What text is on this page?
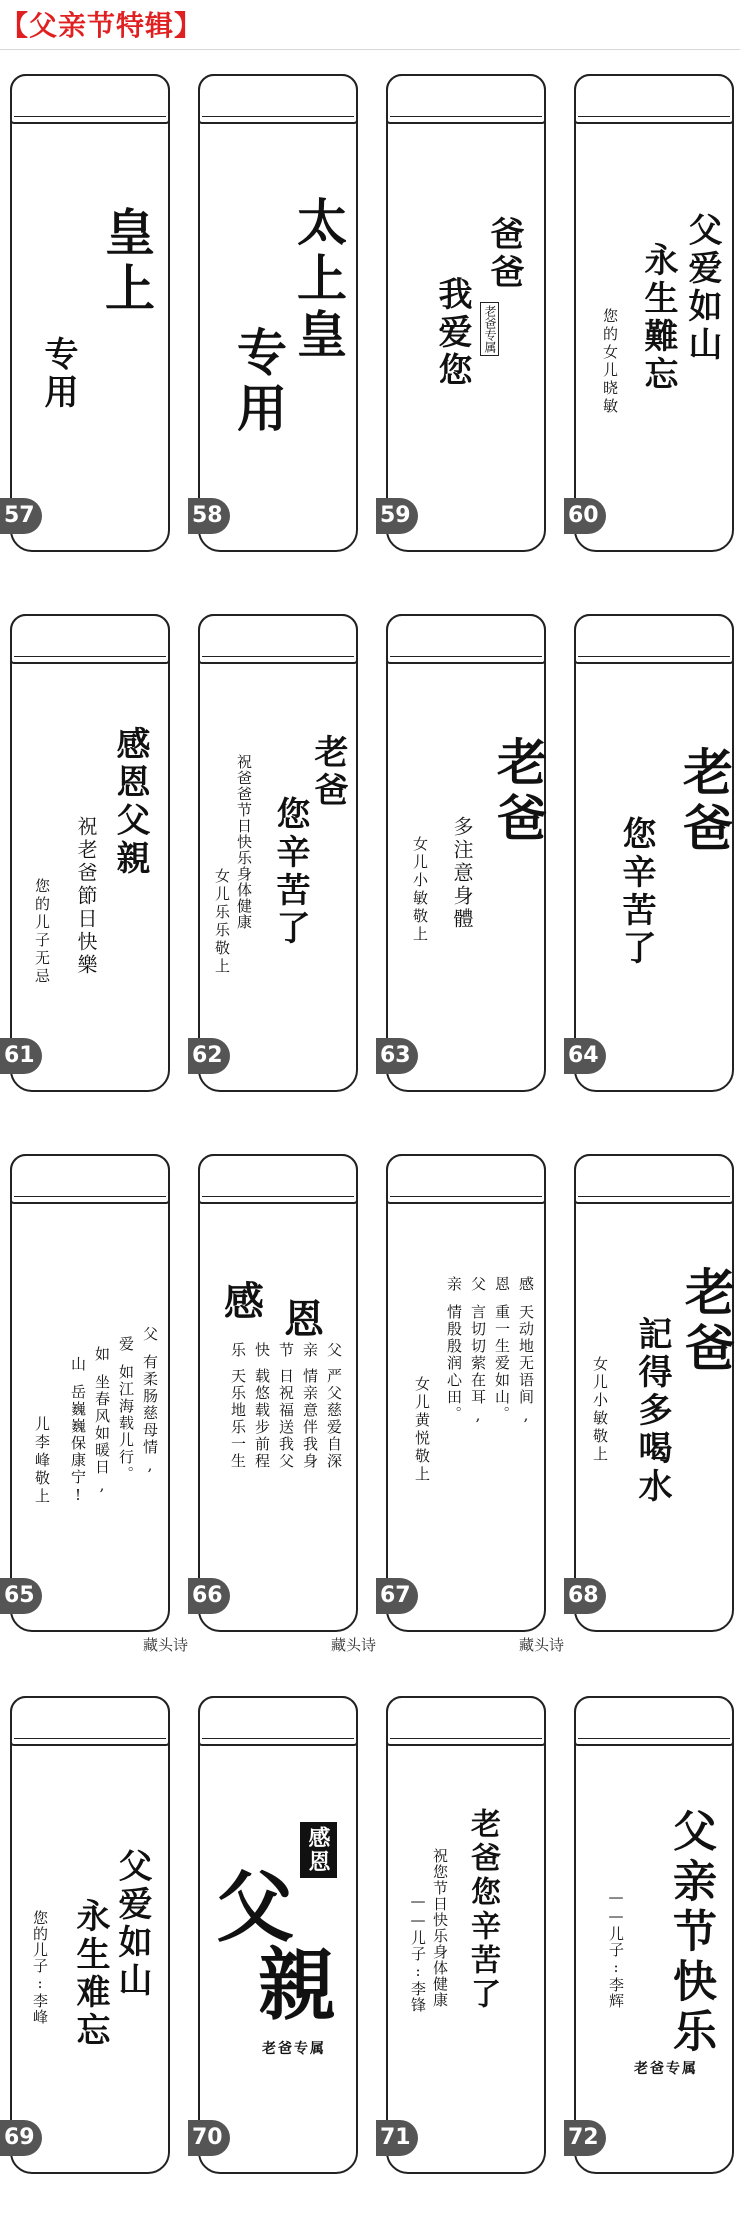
【父亲节特辑】
皇上
专用
57
太上皇
专用
58
爸爸
我爱您 老爸专属
59
父爱如山
永生難忘
您的女儿晓敏
60
感恩父親
祝老爸節日快樂
您的儿子无忌
61
老爸
您辛苦了
祝爸爸节日快乐身体健康
女儿乐乐敬上
62
老爸
多注意身體
女儿小敏敬上
63
老爸
您辛苦了
64
父
有柔肠慈母情,
爱
如江海载儿行。
如
坐春风如暖日,
山
岳巍巍保康宁!
儿李峰敬上
65
藏头诗
感 恩
父
严父慈爱自深
亲
情亲意伴我身
节
日祝福送我父
快
载悠载步前程
乐
天乐地乐一生
66
藏头诗
感
天动地无语间,
恩
重一生爱如山。
父
言切切萦在耳,
亲
情殷殷润心田。
女儿黄悦敬上
67
藏头诗
老爸
記得多喝水
女儿小敏敬上
68
父爱如山
永生难忘
您的儿子:李峰
69
感恩
父
親
老爸专属
70
老爸您辛苦了
祝您节日快乐身体健康
——儿子:李锋
71
父亲节快乐
——儿子:李辉
老爸专属
72
